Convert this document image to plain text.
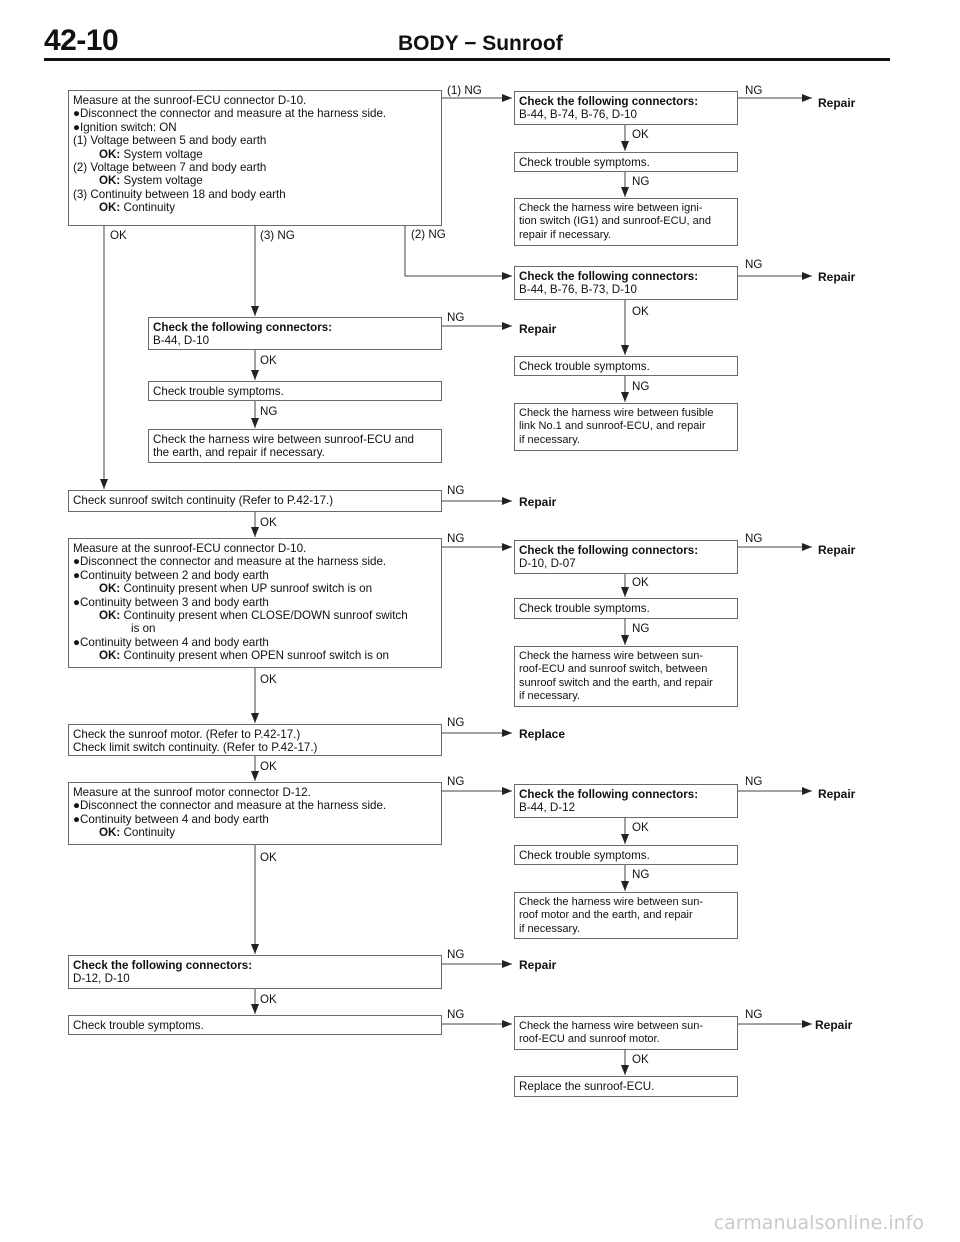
42-10	BODY − Sunroof
Measure at the sunroof-ECU connector D-10.
●Disconnect the connector and measure at the harness side.
●Ignition switch: ON
(1) Voltage between 5 and body earth
OK: System voltage
(2) Voltage between 7 and body earth
OK: System voltage
(3) Continuity between 18 and body earth
OK: Continuity
(1) NG
OK	(3) NG	(2) NG
Check the following connectors:
B-44, B-74, B-76, D-10
NG
Repair
OK
Check trouble symptoms.
NG
Check the harness wire between igni-
tion switch (IG1) and sunroof-ECU, and
repair if necessary.
Check the following connectors:
B-44, B-76, B-73, D-10
NG
Repair
OK
Check trouble symptoms.
NG
Check the harness wire between fusible
link No.1 and sunroof-ECU, and repair
if necessary.
Check the following connectors:
B-44, D-10
NG
Repair
OK
Check trouble symptoms.
NG
Check the harness wire between sunroof-ECU and
the earth, and repair if necessary.
Check sunroof switch continuity (Refer to P.42-17.)
NG
Repair
OK
Measure at the sunroof-ECU connector D-10.
●Disconnect the connector and measure at the harness side.
●Continuity between 2 and body earth
OK: Continuity present when UP sunroof switch is on
●Continuity between 3 and body earth
OK: Continuity present when CLOSE/DOWN sunroof switch
is on
●Continuity between 4 and body earth
OK: Continuity present when OPEN sunroof switch is on
NG
OK
Check the following connectors:
D-10, D-07
NG
Repair
OK
Check trouble symptoms.
NG
Check the harness wire between sun-
roof-ECU and sunroof switch, between
sunroof switch and the earth, and repair
if necessary.
Check the sunroof motor. (Refer to P.42-17.)
Check limit switch continuity. (Refer to P.42-17.)
NG
Replace
OK
Measure at the sunroof motor connector D-12.
●Disconnect the connector and measure at the harness side.
●Continuity between 4 and body earth
OK: Continuity
NG
OK
Check the following connectors:
B-44, D-12
NG
Repair
OK
Check trouble symptoms.
NG
Check the harness wire between sun-
roof motor and the earth, and repair
if necessary.
Check the following connectors:
D-12, D-10
NG
Repair
OK
Check trouble symptoms.
NG
Check the harness wire between sun-
roof-ECU and sunroof motor.
NG
Repair
OK
Replace the sunroof-ECU.
carmanualsonline.info
